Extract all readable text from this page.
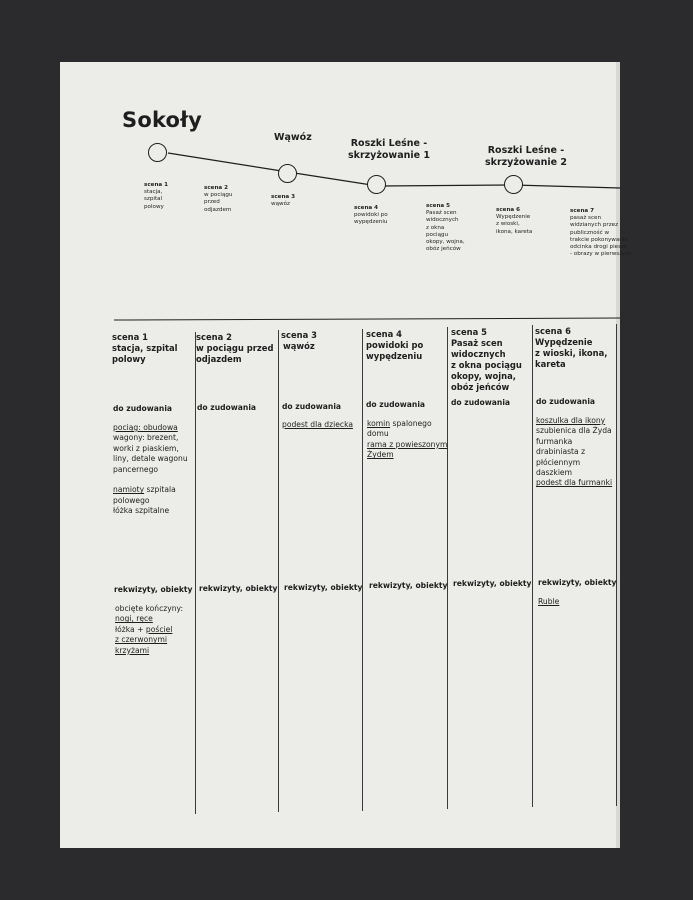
Sokoły
Wąwóz
Roszki Leśne -
skrzyżowanie 1	Roszki Leśne -
skrzyżowanie 2
scena 1
stacja,
szpital
polowy
scena 2
w pociągu
przed
odjazdem
scena 3
wąwóz
scena 4
powidoki po
wypędzeniu
scena 5
Pasaż scen
widocznych
z okna
pociągu
okopy, wojna,
obóz jeńców
scena 6
Wypędzenie
z wioski,
ikona, kareta
scena 7
pasaż scen
widzianych przez
publiczność w
trakcie pokonywania
odcinka drogi pieszo
- obrazy w pierwszym
scena 1
stacja, szpital
polowy
do zudowania
pociąg: obudowa
wagony: brezent,
worki z piaskiem,
liny, detale wagonu
pancernego

namioty szpitala
polowego
łóżka szpitalne
rekwizyty, obiekty
obcięte kończyny:
nogi, ręce
łóżka + pościel
z czerwonymi
krzyżami
scena 2
w pociągu przed
odjazdem
do zudowania
rekwizyty, obiekty
scena 3
wąwóz
do zudowania
podest dla dziecka
rekwizyty, obiekty
scena 4
powidoki po
wypędzeniu
do zudowania
komin spalonego
domu
rama z powieszonym
Żydem
rekwizyty, obiekty
scena 5
Pasaż scen
widocznych
z okna pociągu
okopy, wojna,
obóz jeńców
do zudowania
rekwizyty, obiekty
scena 6
Wypędzenie
z wioski, ikona,
kareta
do zudowania
koszulka dla ikony
szubienica dla Żyda
furmanka
drabiniasta z
płóciennym
daszkiem
podest dla furmanki
rekwizyty, obiekty
Ruble
